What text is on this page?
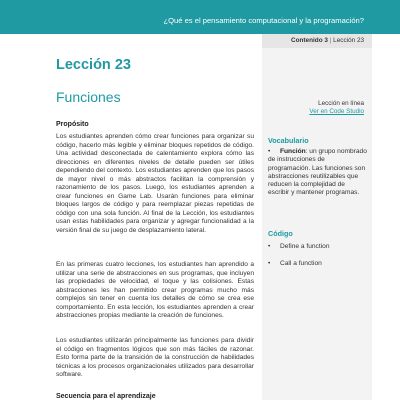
¿Qué es el pensamiento computacional y la programación?
Contenido 3 | Lección 23
Lección 23
Funciones
Propósito

Los estudiantes aprenden cómo crear funciones para organizar su código, hacerlo más legible y eliminar bloques repetidos de código. Una actividad desconectada de calentamiento explora cómo las direcciones en diferentes niveles de detalle pueden ser útiles dependiendo del contexto. Los estudiantes aprenden que los pasos de mayor nivel o más abstractos facilitan la comprensión y razonamiento de los pasos. Luego, los estudiantes aprenden a crear funciones en Game Lab. Usarán funciones para eliminar bloques largos de código y para reemplazar piezas repetidas de código con una sola función. Al final de la Lección, los estudiantes usan estas habilidades para organizar y agregar funcionalidad a la versión final de su juego de desplazamiento lateral.

En las primeras cuatro lecciones, los estudiantes han aprendido a utilizar una serie de abstracciones en sus programas, que incluyen las propiedades de velocidad, el toque y las colisiones. Estas abstracciones les han permitido crear programas mucho más complejos sin tener en cuenta los detalles de cómo se crea ese comportamiento. En esta lección, los estudiantes aprenden a crear abstracciones propias mediante la creación de funciones.

Los estudiantes utilizarán principalmente las funciones para dividir el código en fragmentos lógicos que son más fáciles de razonar. Esto forma parte de la transición de la construcción de habilidades técnicas a los procesos organizacionales utilizados para desarrollar software.

Secuencia para el aprendizaje
Lección en línea
Ver en Code Studio
Vocabulario
• Función: un grupo nombrado de instrucciones de programación. Las funciones son abstracciones reutilizables que reducen la complejidad de escribir y mantener programas.
Código
• Define a function
• Call a function
